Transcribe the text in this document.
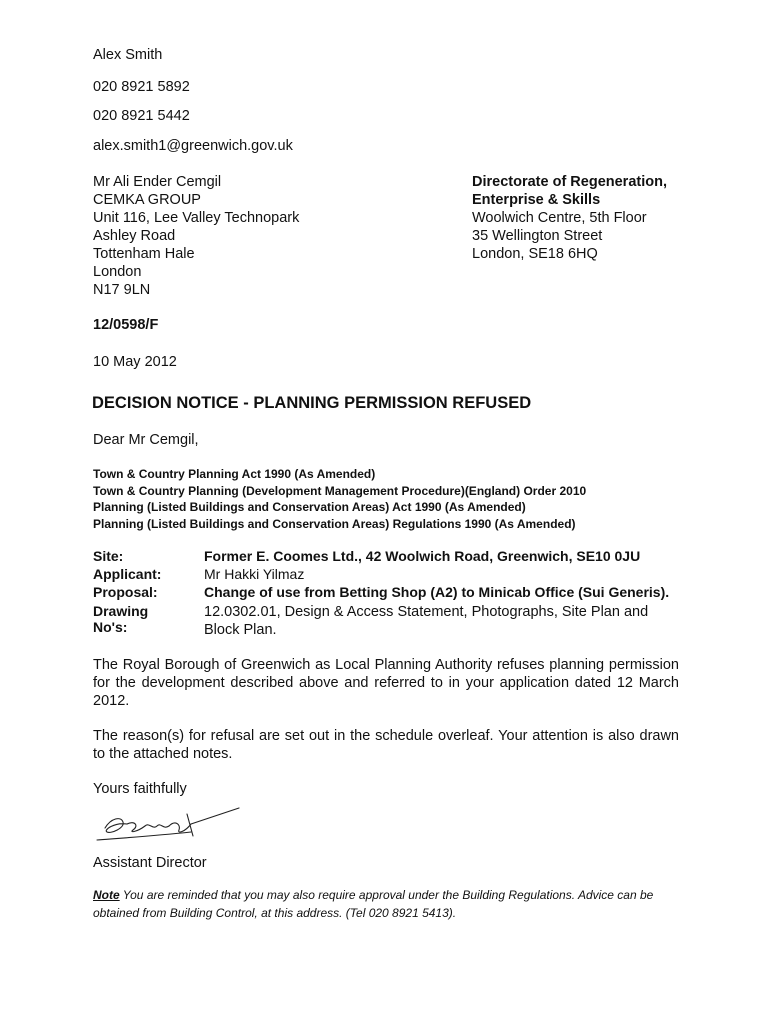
Alex Smith
020 8921 5892
020 8921 5442
alex.smith1@greenwich.gov.uk
Mr Ali Ender Cemgil
CEMKA GROUP
Unit 116, Lee Valley Technopark
Ashley Road
Tottenham Hale
London
N17 9LN
Directorate of Regeneration,
Enterprise & Skills
Woolwich Centre, 5th Floor
35 Wellington Street
London, SE18 6HQ
12/0598/F
10 May 2012
DECISION NOTICE - PLANNING PERMISSION REFUSED
Dear Mr Cemgil,
Town & Country Planning Act 1990 (As Amended)
Town & Country Planning (Development Management Procedure)(England) Order 2010
Planning (Listed Buildings and Conservation Areas) Act 1990 (As Amended)
Planning (Listed Buildings and Conservation Areas) Regulations 1990 (As Amended)
Site:	Former E. Coomes Ltd., 42 Woolwich Road, Greenwich, SE10 0JU
Applicant:	Mr Hakki Yilmaz
Proposal:	Change of use from Betting Shop (A2) to Minicab Office (Sui Generis).
Drawing No's:
12.0302.01, Design & Access Statement, Photographs, Site Plan and
Block Plan.
The Royal Borough of Greenwich as Local Planning Authority refuses planning permission for the development described above and referred to in your application dated 12 March 2012.
The reason(s) for refusal are set out in the schedule overleaf. Your attention is also drawn to the attached notes.
Yours faithfully
Assistant Director
Note You are reminded that you may also require approval under the Building Regulations. Advice can be obtained from Building Control, at this address. (Tel 020 8921 5413).
